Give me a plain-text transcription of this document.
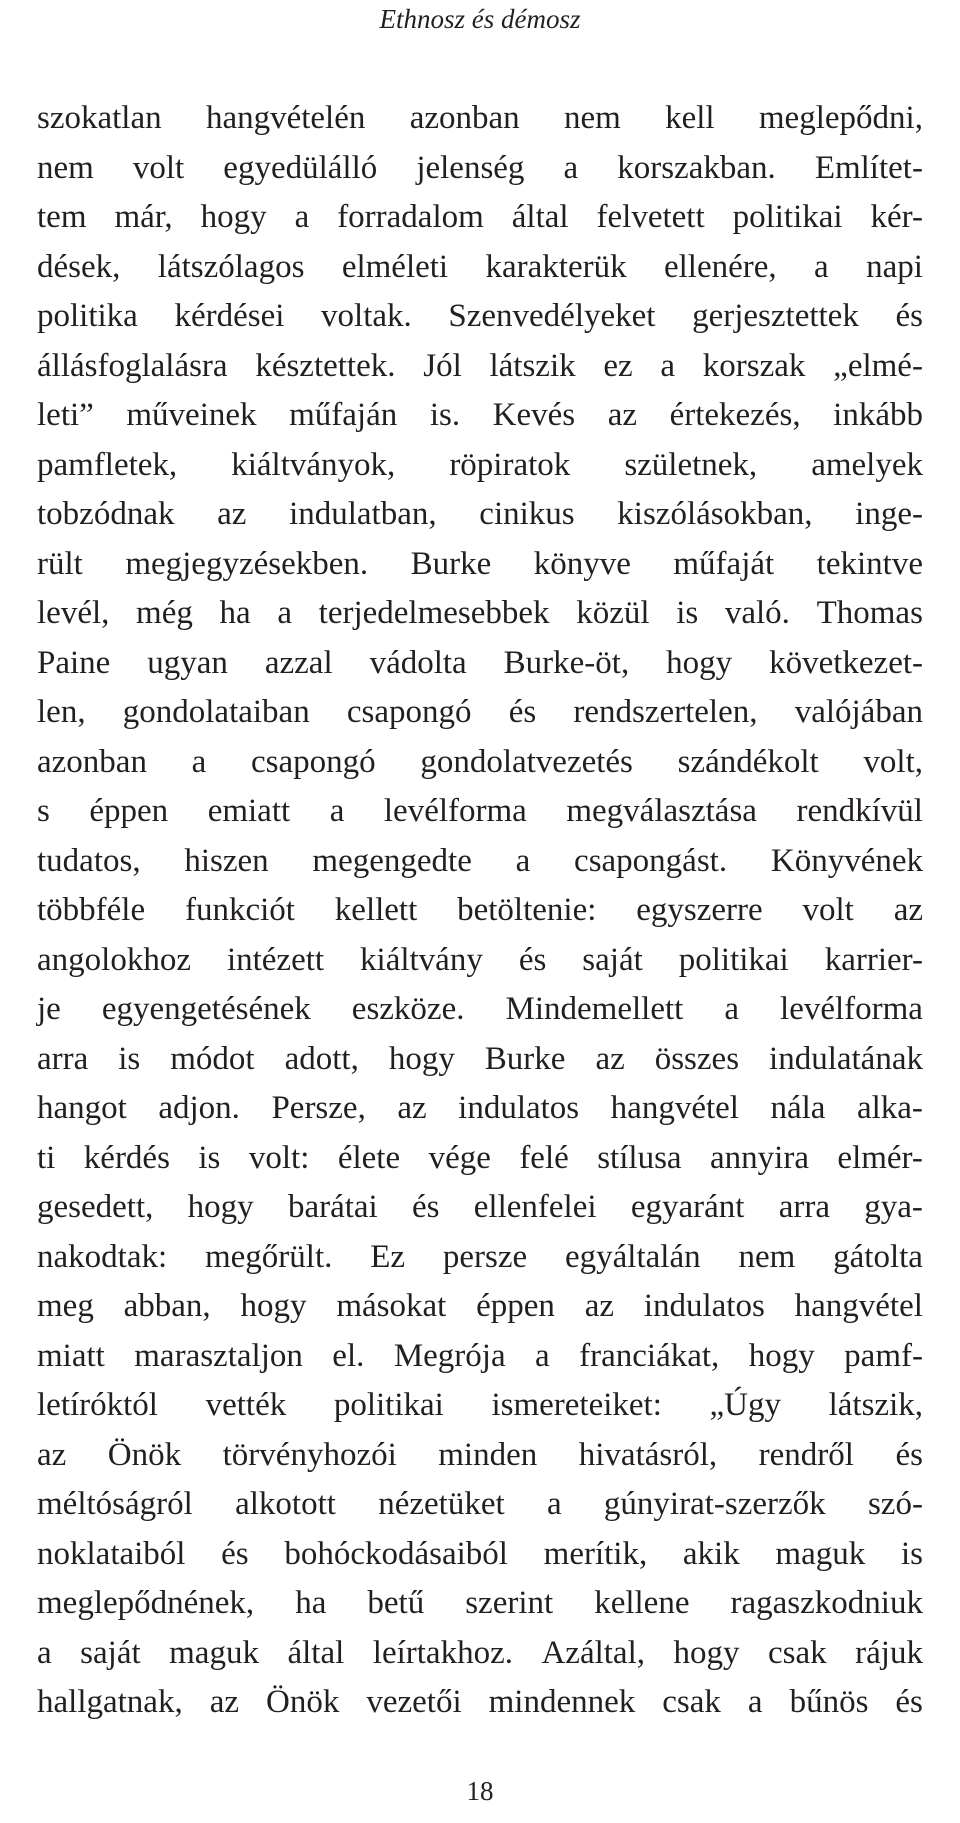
Ethnosz és démosz
szokatlan hangvételén azonban nem kell meglepődni,
nem volt egyedülálló jelenség a korszakban. Említet-
tem már, hogy a forradalom által felvetett politikai kér-
dések, látszólagos elméleti karakterük ellenére, a napi
politika kérdései voltak. Szenvedélyeket gerjesztettek és
állásfoglalásra késztettek. Jól látszik ez a korszak „elmé-
leti” műveinek műfaján is. Kevés az értekezés, inkább
pamfletek, kiáltványok, röpiratok születnek, amelyek
tobzódnak az indulatban, cinikus kiszólásokban, inge-
rült megjegyzésekben. Burke könyve műfaját tekintve
levél, még ha a terjedelmesebbek közül is való. Thomas
Paine ugyan azzal vádolta Burke-öt, hogy következet-
len, gondolataiban csapongó és rendszertelen, valójában
azonban a csapongó gondolatvezetés szándékolt volt,
s éppen emiatt a levélforma megválasztása rendkívül
tudatos, hiszen megengedte a csapongást. Könyvének
többféle funkciót kellett betöltenie: egyszerre volt az
angolokhoz intézett kiáltvány és saját politikai karrier-
je egyengetésének eszköze. Mindemellett a levélforma
arra is módot adott, hogy Burke az összes indulatának
hangot adjon. Persze, az indulatos hangvétel nála alka-
ti kérdés is volt: élete vége felé stílusa annyira elmér-
gesedett, hogy barátai és ellenfelei egyaránt arra gya-
nakodtak: megőrült. Ez persze egyáltalán nem gátolta
meg abban, hogy másokat éppen az indulatos hangvétel
miatt marasztaljon el. Megrója a franciákat, hogy pamf-
letíróktól vették politikai ismereteiket: „Úgy látszik,
az Önök törvényhozói minden hivatásról, rendről és
méltóságról alkotott nézetüket a gúnyirat-szerzők szó-
noklataiból és bohóckodásaiból merítik, akik maguk is
meglepődnének, ha betű szerint kellene ragaszkodniuk
a saját maguk által leírtakhoz. Azáltal, hogy csak rájuk
hallgatnak, az Önök vezetői mindennek csak a bűnös és
18
